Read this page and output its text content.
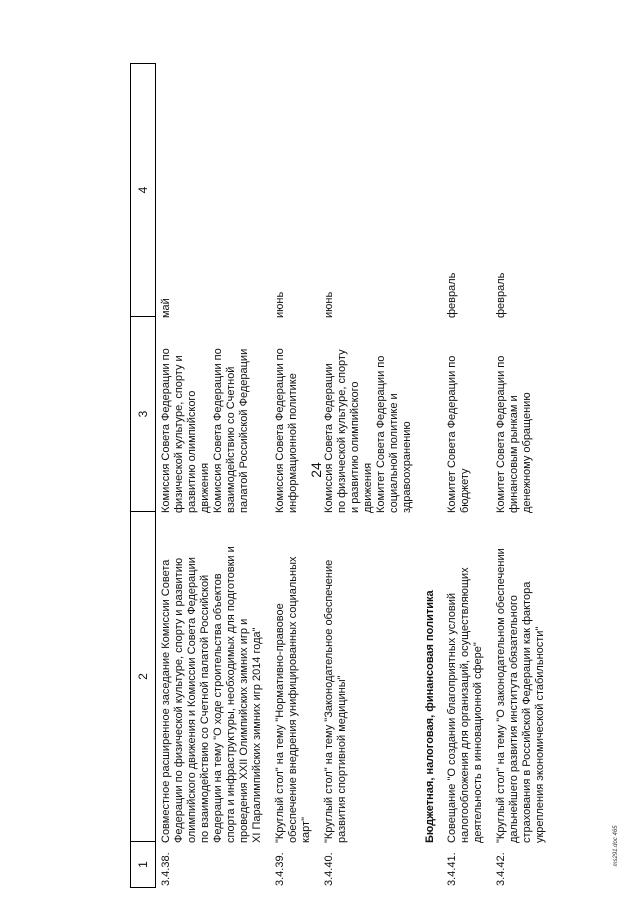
24
1
2
3
4
3.4.38.
Совместное расширенное заседание Комиссии Совета
Федерации по физической культуре, спорту и развитию
олимпийского движения и Комиссии Совета Федерации
по взаимодействию со Счетной палатой Российской
Федерации на тему "О ходе строительства объектов
спорта и инфраструктуры, необходимых для подготовки и
проведения XXII Олимпийских зимних игр и
XI Паралимпийских зимних игр 2014 года"
Комиссия Совета Федерации по
физической культуре, спорту и
развитию олимпийского
движения
Комиссия Совета Федерации по
взаимодействию со Счетной
палатой Российской Федерации
май
3.4.39.
"Круглый стол" на тему "Нормативно-правовое
обеспечение внедрения унифицированных социальных
карт"
Комиссия Совета Федерации по
информационной политике
июнь
3.4.40.
"Круглый стол" на тему "Законодательное обеспечение
развития спортивной медицины"
Комиссия Совета Федерации
по физической культуре, спорту
и развитию олимпийского
движения
Комитет Совета Федерации по
социальной политике и
здравоохранению
июнь
Бюджетная, налоговая, финансовая политика
3.4.41.
Совещание "О создании благоприятных условий
налогообложения для организаций, осуществляющих
деятельность в инновационной сфере"
Комитет Совета Федерации по
бюджету
февраль
3.4.42.
"Круглый стол" на тему "О законодательном обеспечении
дальнейшего развития института обязательного
страхования в Российской Федерации как фактора
укрепления экономической стабильности"
Комитет Совета Федерации по
финансовым рынкам и
денежному обращению
февраль
ms291.doc 465
